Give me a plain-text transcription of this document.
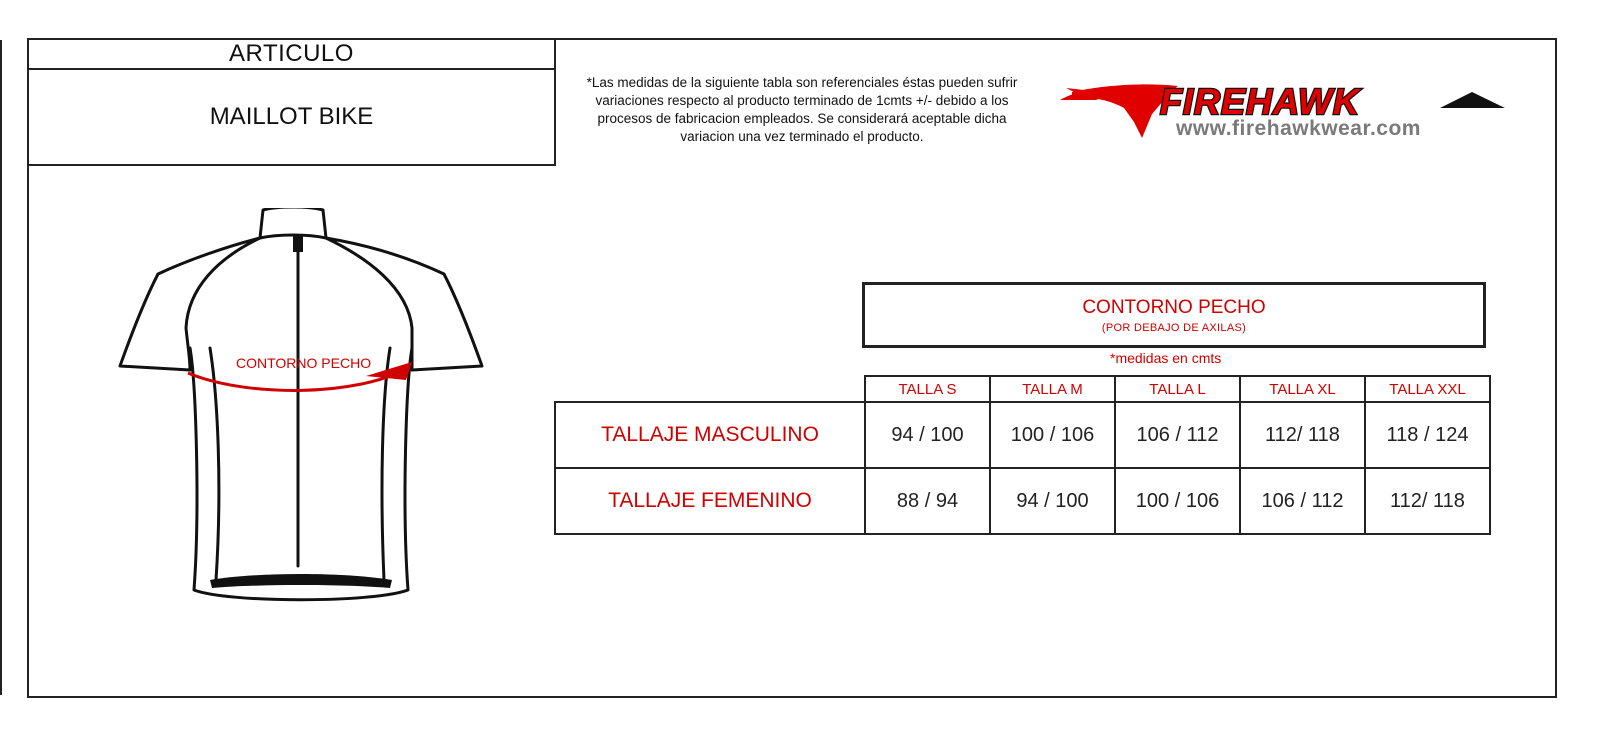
ARTICULO
MAILLOT BIKE
*Las medidas de la siguiente tabla son referenciales éstas pueden sufrir variaciones respecto al producto terminado de 1cmts +/- debido a los procesos de fabricacion empleados. Se considerará aceptable dicha variacion una vez terminado el producto.
FIREHAWK
www.firehawkwear.com
CONTORNO PECHO
CONTORNO PECHO
(POR DEBAJO DE AXILAS)
*medidas en cmts
	TALLA S	TALLA M	TALLA L	TALLA XL	TALLA XXL
TALLAJE MASCULINO	94 / 100	100 / 106	106 / 112	112/ 118	118 / 124
TALLAJE FEMENINO	88 / 94	94 / 100	100 / 106	106 / 112	112/ 118
